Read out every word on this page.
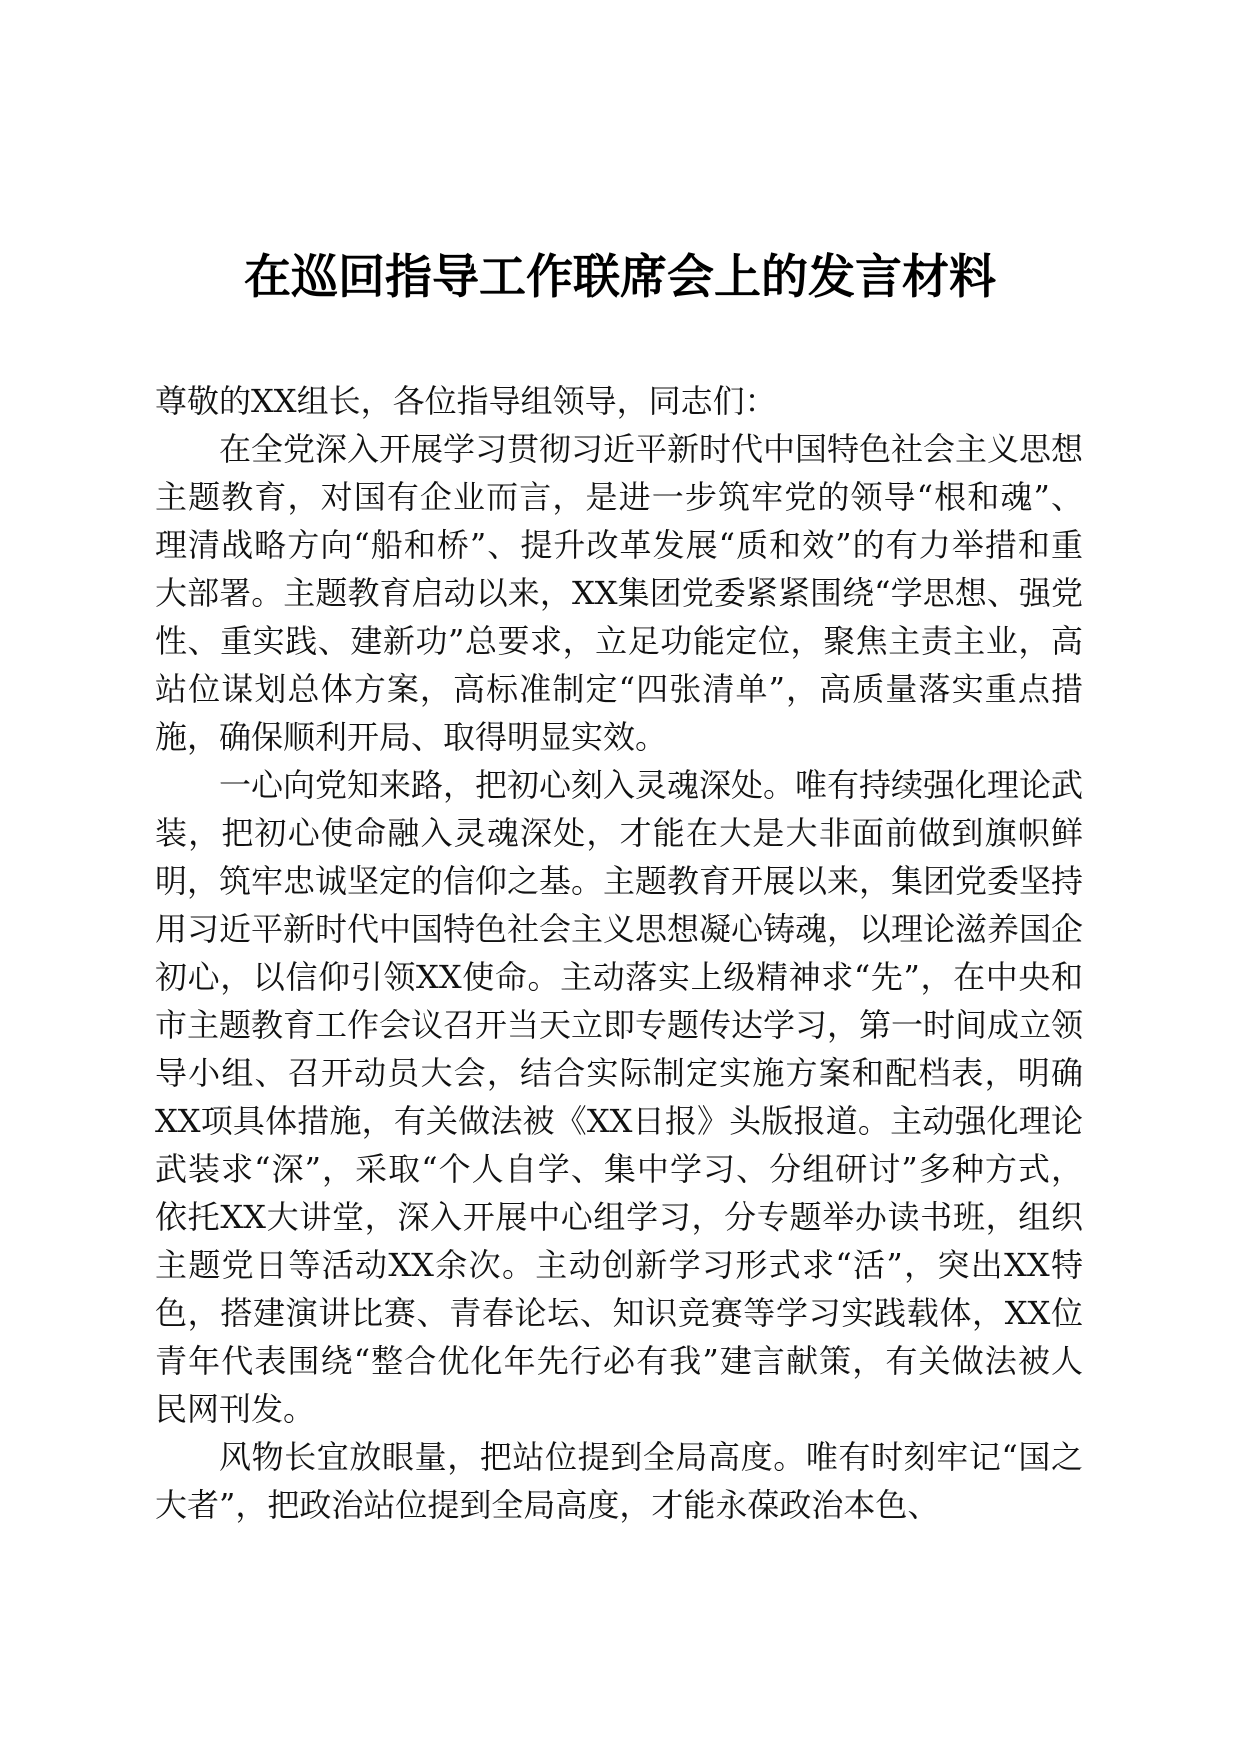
在巡回指导工作联席会上的发言材料

尊敬的XX组长，各位指导组领导，同志们：

在全党深入开展学习贯彻习近平新时代中国特色社会主义思想主题教育，对国有企业而言，是进一步筑牢党的领导“根和魂”、理清战略方向“船和桥”、提升改革发展“质和效”的有力举措和重大部署。主题教育启动以来，XX集团党委紧紧围绕“学思想、强党性、重实践、建新功”总要求，立足功能定位，聚焦主责主业，高站位谋划总体方案，高标准制定“四张清单”，高质量落实重点措施，确保顺利开局、取得明显实效。

一心向党知来路，把初心刻入灵魂深处。唯有持续强化理论武装，把初心使命融入灵魂深处，才能在大是大非面前做到旗帜鲜明，筑牢忠诚坚定的信仰之基。主题教育开展以来，集团党委坚持用习近平新时代中国特色社会主义思想凝心铸魂，以理论滋养国企初心，以信仰引领XX使命。主动落实上级精神求“先”，在中央和市主题教育工作会议召开当天立即专题传达学习，第一时间成立领导小组、召开动员大会，结合实际制定实施方案和配档表，明确XX项具体措施，有关做法被《XX日报》头版报道。主动强化理论武装求“深”，采取“个人自学、集中学习、分组研讨”多种方式，依托XX大讲堂，深入开展中心组学习，分专题举办读书班，组织主题党日等活动XX余次。主动创新学习形式求“活”，突出XX特色，搭建演讲比赛、青春论坛、知识竞赛等学习实践载体，XX位青年代表围绕“整合优化年先行必有我”建言献策，有关做法被人民网刊发。

风物长宜放眼量，把站位提到全局高度。唯有时刻牢记“国之大者”，把政治站位提到全局高度，才能永葆政治本色、
